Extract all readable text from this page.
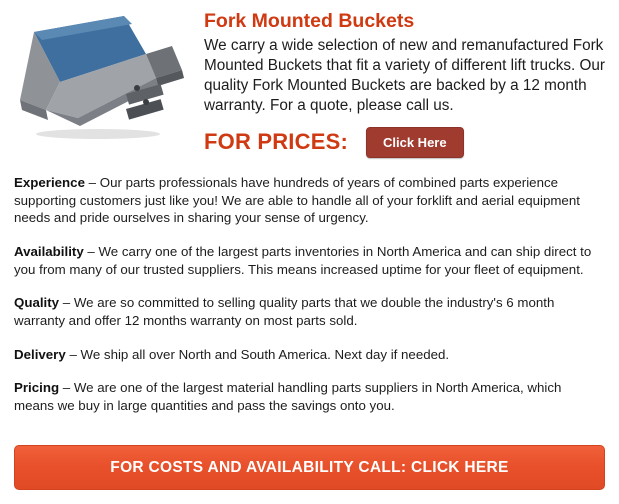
Fork Mounted Buckets

We carry a wide selection of new and remanufactured Fork Mounted Buckets that fit a variety of different lift trucks. Our quality Fork Mounted Buckets are backed by a 12 month warranty. For a quote, please call us.

FOR PRICES:	Click Here

Experience – Our parts professionals have hundreds of years of combined parts experience supporting customers just like you! We are able to handle all of your forklift and aerial equipment needs and pride ourselves in sharing your sense of urgency.

Availability – We carry one of the largest parts inventories in North America and can ship direct to you from many of our trusted suppliers. This means increased uptime for your fleet of equipment.

Quality – We are so committed to selling quality parts that we double the industry's 6 month warranty and offer 12 months warranty on most parts sold.

Delivery – We ship all over North and South America. Next day if needed.

Pricing – We are one of the largest material handling parts suppliers in North America, which means we buy in large quantities and pass the savings onto you.

FOR COSTS AND AVAILABILITY CALL: CLICK HERE
